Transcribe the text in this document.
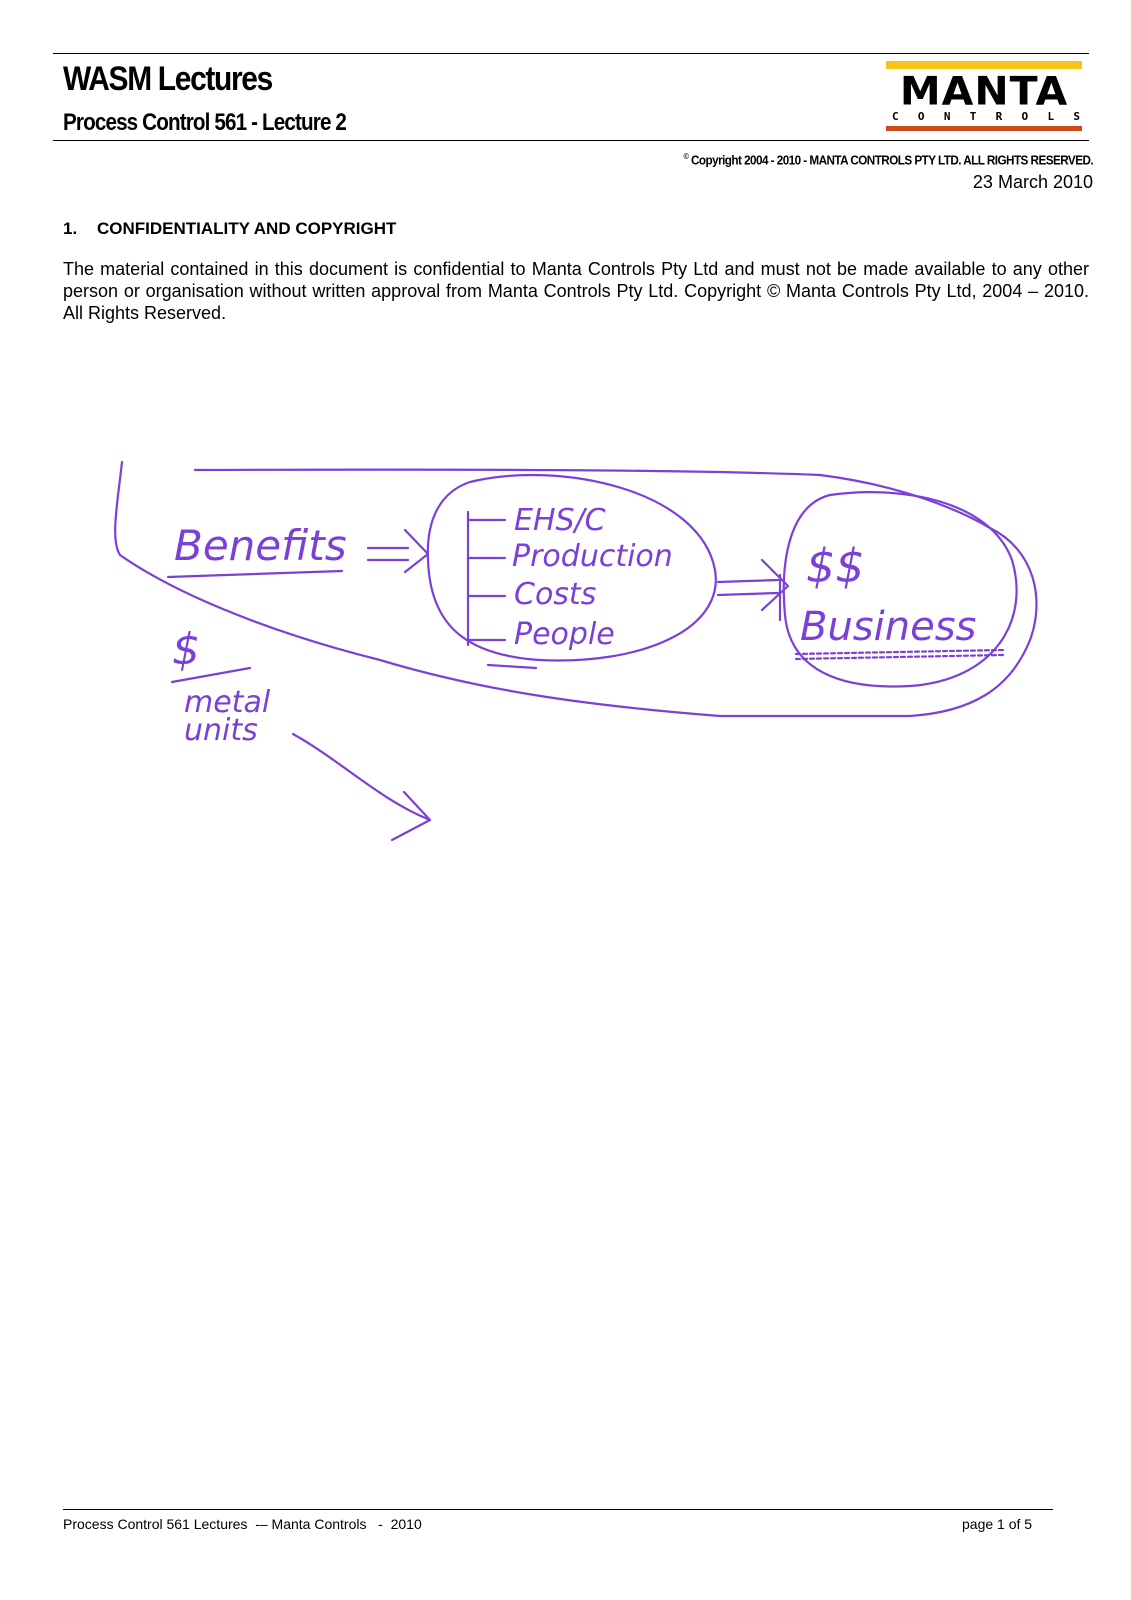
WASM Lectures
Process Control 561 - Lecture 2
MANTA
C O N T R O L S
© Copyright 2004 - 2010 - MANTA CONTROLS PTY LTD. ALL RIGHTS RESERVED.
23 March 2010
1. CONFIDENTIALITY AND COPYRIGHT

The material contained in this document is confidential to Manta Controls Pty Ltd and must not be made available to any other person or organisation without written approval from Manta Controls Pty Ltd. Copyright © Manta Controls Pty Ltd, 2004 – 2010. All Rights Reserved.

Benefits
EHS/C
Production
Costs
People
$$
Business
$
metal
units
Process Control 561 Lectures  -– Manta Controls   -  2010	page 1 of 5
